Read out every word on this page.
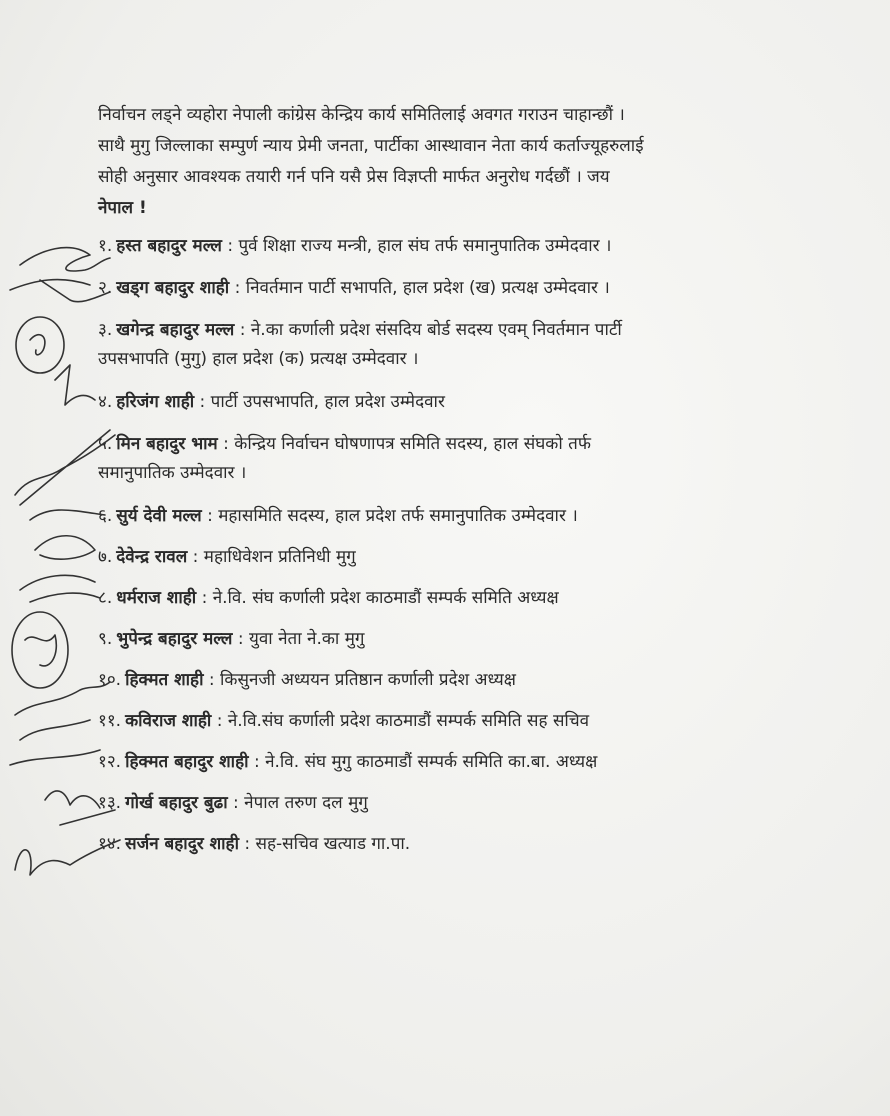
निर्वाचन लड्ने व्यहोरा नेपाली कांग्रेस केन्द्रिय कार्य समितिलाई अवगत गराउन चाहान्छौं ।

साथै मुगु जिल्लाका सम्पुर्ण न्याय प्रेमी जनता, पार्टीका आस्थावान नेता कार्य कर्ताज्यूहरुलाई

सोही अनुसार आवश्यक तयारी गर्न पनि यसै प्रेस विज्ञप्ती मार्फत अनुरोध गर्दछौं । जय

नेपाल !

१. हस्त बहादुर मल्ल : पुर्व शिक्षा राज्य मन्त्री, हाल संघ तर्फ समानुपातिक उम्मेदवार ।
२. खड्ग बहादुर शाही : निवर्तमान पार्टी सभापति, हाल प्रदेश (ख) प्रत्यक्ष उम्मेदवार ।
३. खगेन्द्र बहादुर मल्ल : ने.का कर्णाली प्रदेश संसदिय बोर्ड सदस्य एवम् निवर्तमान पार्टी
उपसभापति (मुगु) हाल प्रदेश (क) प्रत्यक्ष उम्मेदवार ।
४. हरिजंग शाही : पार्टी उपसभापति, हाल प्रदेश उम्मेदवार
५. मिन बहादुर भाम : केन्द्रिय निर्वाचन घोषणापत्र समिति सदस्य, हाल संघको तर्फ
समानुपातिक उम्मेदवार ।
६. सुर्य देवी मल्ल : महासमिति सदस्य, हाल प्रदेश तर्फ समानुपातिक उम्मेदवार ।
७. देवेन्द्र रावल : महाधिवेशन प्रतिनिधी मुगु
८. धर्मराज शाही : ने.वि. संघ कर्णाली प्रदेश काठमाडौं सम्पर्क समिति अध्यक्ष
९. भुपेन्द्र बहादुर मल्ल : युवा नेता ने.का मुगु
१०. हिक्मत शाही : किसुनजी अध्ययन प्रतिष्ठान कर्णाली प्रदेश अध्यक्ष
११. कविराज शाही : ने.वि.संघ कर्णाली प्रदेश काठमाडौं सम्पर्क समिति सह सचिव
१२. हिक्मत बहादुर शाही : ने.वि. संघ मुगु काठमाडौं सम्पर्क समिति का.बा. अध्यक्ष
१३. गोर्ख बहादुर बुढा : नेपाल तरुण दल मुगु
१४. सर्जन बहादुर शाही : सह-सचिव खत्याड गा.पा.
